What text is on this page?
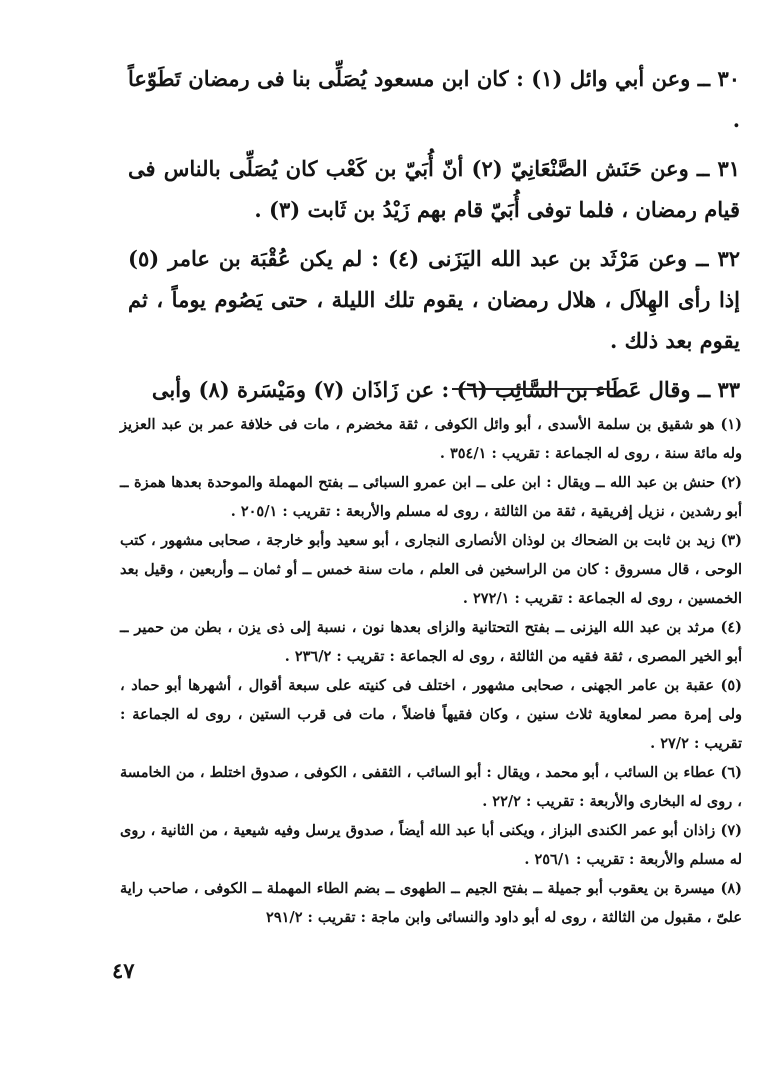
٣٠ ــ وعن أبي وائل (١) : كان ابن مسعود يُصَلِّى بنا فى رمضان تَطَوّعاً .

٣١ ــ وعن حَنَش الصَّنْعَانِيّ (٢) أنّ أُبَيّ بن كَعْب كان يُصَلِّى بالناس فى قيام رمضان ، فلما توفى أُبَيّ قام بهم زَيْدُ بن ثَابت (٣) .

٣٢ ــ وعن مَرْثَد بن عبد الله اليَزَنى (٤) : لم يكن عُقْبَة بن عامر (٥) إذا رأى الهِلاَل ، هلال رمضان ، يقوم تلك الليلة ، حتى يَصُوم يوماً ، ثم يقوم بعد ذلك .

٣٣ ــ وقال عَطَاء بن السَّائِب (٦) : عن زَاذَان (٧) ومَيْسَرة (٨) وأبى

(١) هو شقيق بن سلمة الأسدى ، أبو وائل الكوفى ، ثقة مخضرم ، مات فى خلافة عمر بن عبد العزيز وله مائة سنة ، روى له الجماعة : تقريب : ٣٥٤/١ .

(٢) حنش بن عبد الله ــ ويقال : ابن على ــ ابن عمرو السبائى ــ بفتح المهملة والموحدة بعدها همزة ــ أبو رشدين ، نزيل إفريقية ، ثقة من الثالثة ، روى له مسلم والأربعة : تقريب : ٢٠٥/١ .

(٣) زيد بن ثابت بن الضحاك بن لوذان الأنصارى النجارى ، أبو سعيد وأبو خارجة ، صحابى مشهور ، كتب الوحى ، قال مسروق : كان من الراسخين فى العلم ، مات سنة خمس ــ أو ثمان ــ وأربعين ، وقيل بعد الخمسين ، روى له الجماعة : تقريب : ٢٧٢/١ .

(٤) مرثد بن عبد الله اليزنى ــ بفتح التحتانية والزاى بعدها نون ، نسبة إلى ذى يزن ، بطن من حمير ــ أبو الخير المصرى ، ثقة فقيه من الثالثة ، روى له الجماعة : تقريب : ٢٣٦/٢ .

(٥) عقبة بن عامر الجهنى ، صحابى مشهور ، اختلف فى كنيته على سبعة أقوال ، أشهرها أبو حماد ، ولى إمرة مصر لمعاوية ثلاث سنين ، وكان فقيهاً فاضلاً ، مات فى قرب الستين ، روى له الجماعة : تقريب : ٢٧/٢ .

(٦) عطاء بن السائب ، أبو محمد ، ويقال : أبو السائب ، الثقفى ، الكوفى ، صدوق اختلط ، من الخامسة ، روى له البخارى والأربعة : تقريب : ٢٢/٢ .

(٧) زاذان أبو عمر الكندى البزاز ، ويكنى أبا عبد الله أيضاً ، صدوق يرسل وفيه شيعية ، من الثانية ، روى له مسلم والأربعة : تقريب : ٢٥٦/١ .

(٨) ميسرة بن يعقوب أبو جميلة ــ بفتح الجيم ــ الطهوى ــ بضم الطاء المهملة ــ الكوفى ، صاحب راية علىّ ، مقبول من الثالثة ، روى له أبو داود والنسائى وابن ماجة : تقريب : ٢٩١/٢

٤٧
